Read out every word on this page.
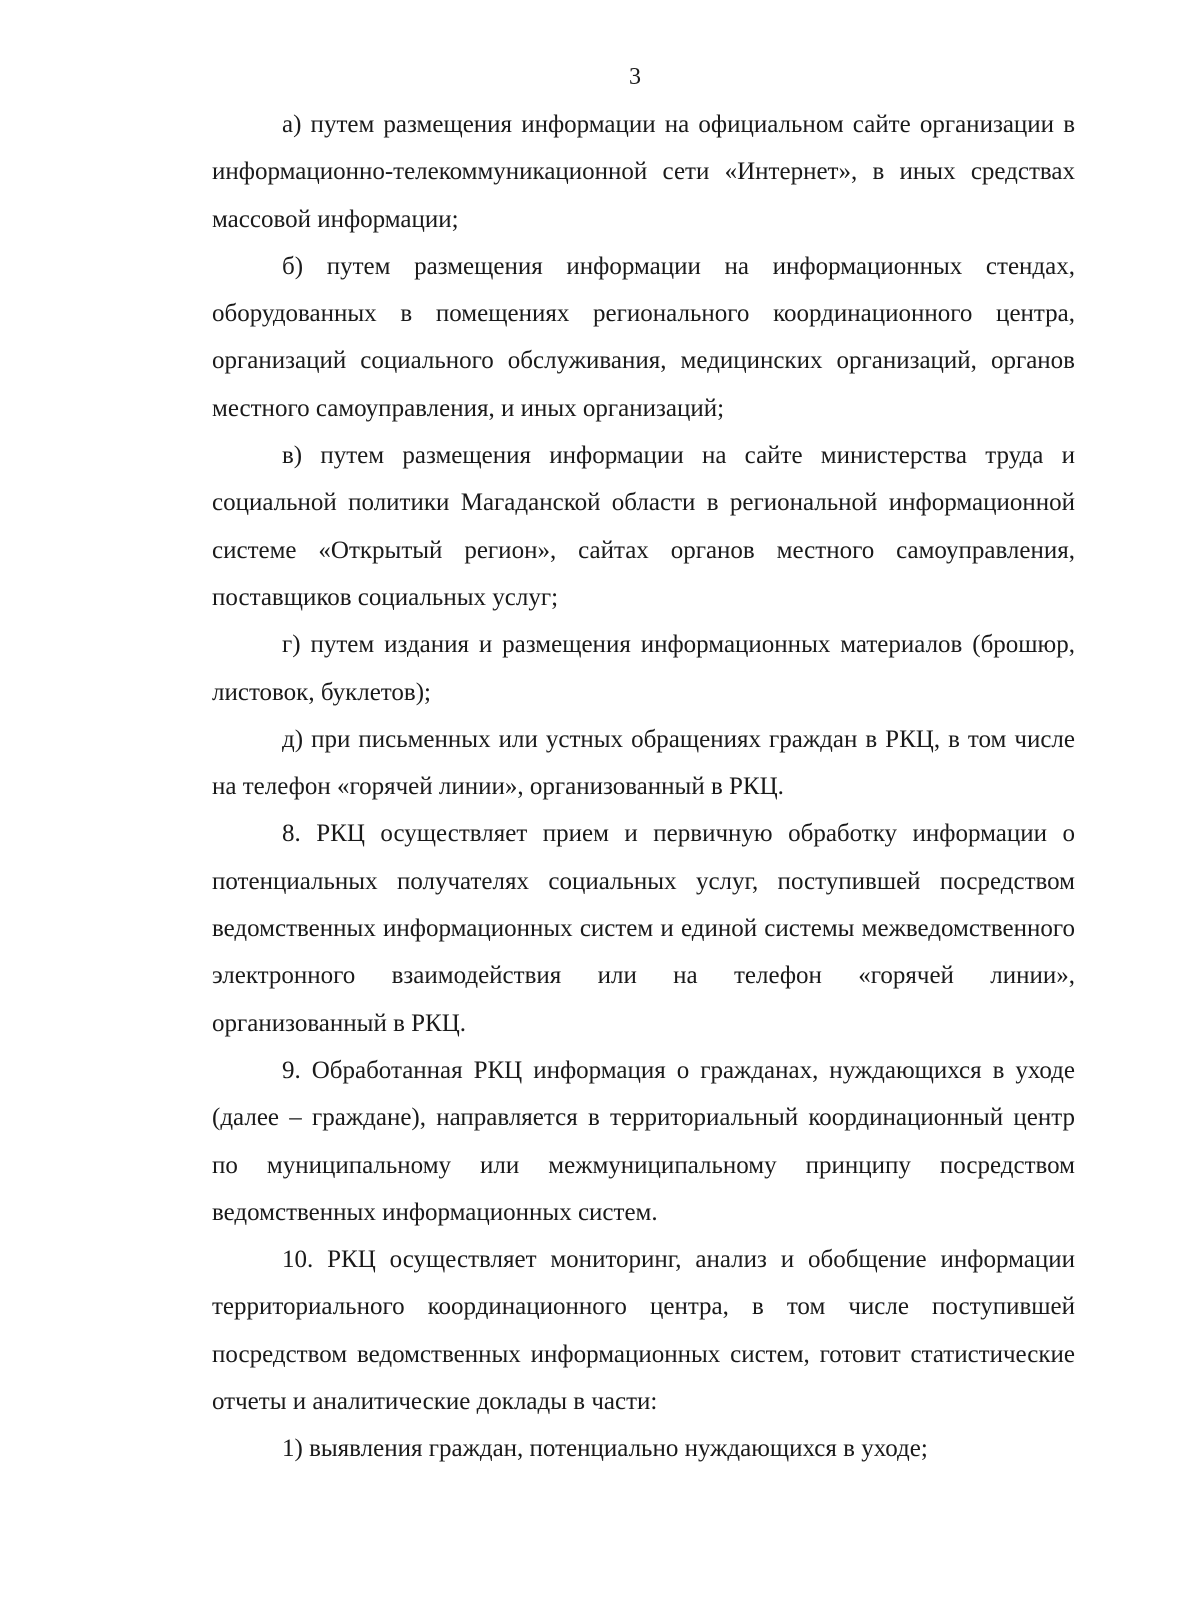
3

а) путем размещения информации на официальном сайте организации в информационно-телекоммуникационной сети «Интернет», в иных средствах массовой информации;

б) путем размещения информации на информационных стендах, оборудованных в помещениях регионального координационного центра, организаций социального обслуживания, медицинских организаций, органов местного самоуправления, и иных организаций;

в) путем размещения информации на сайте министерства труда и социальной политики Магаданской области в региональной информационной системе «Открытый регион», сайтах органов местного самоуправления, поставщиков социальных услуг;

г) путем издания и размещения информационных материалов (брошюр, листовок, буклетов);

д) при письменных или устных обращениях граждан в РКЦ, в том числе на телефон «горячей линии», организованный в РКЦ.

8. РКЦ осуществляет прием и первичную обработку информации о потенциальных получателях социальных услуг, поступившей посредством ведомственных информационных систем и единой системы межведомственного электронного взаимодействия или на телефон «горячей линии», организованный в РКЦ.

9. Обработанная РКЦ информация о гражданах, нуждающихся в уходе (далее – граждане), направляется в территориальный координационный центр по муниципальному или межмуниципальному принципу посредством ведомственных информационных систем.

10. РКЦ осуществляет мониторинг, анализ и обобщение информации территориального координационного центра, в том числе поступившей посредством ведомственных информационных систем, готовит статистические отчеты и аналитические доклады в части:

1) выявления граждан, потенциально нуждающихся в уходе;
